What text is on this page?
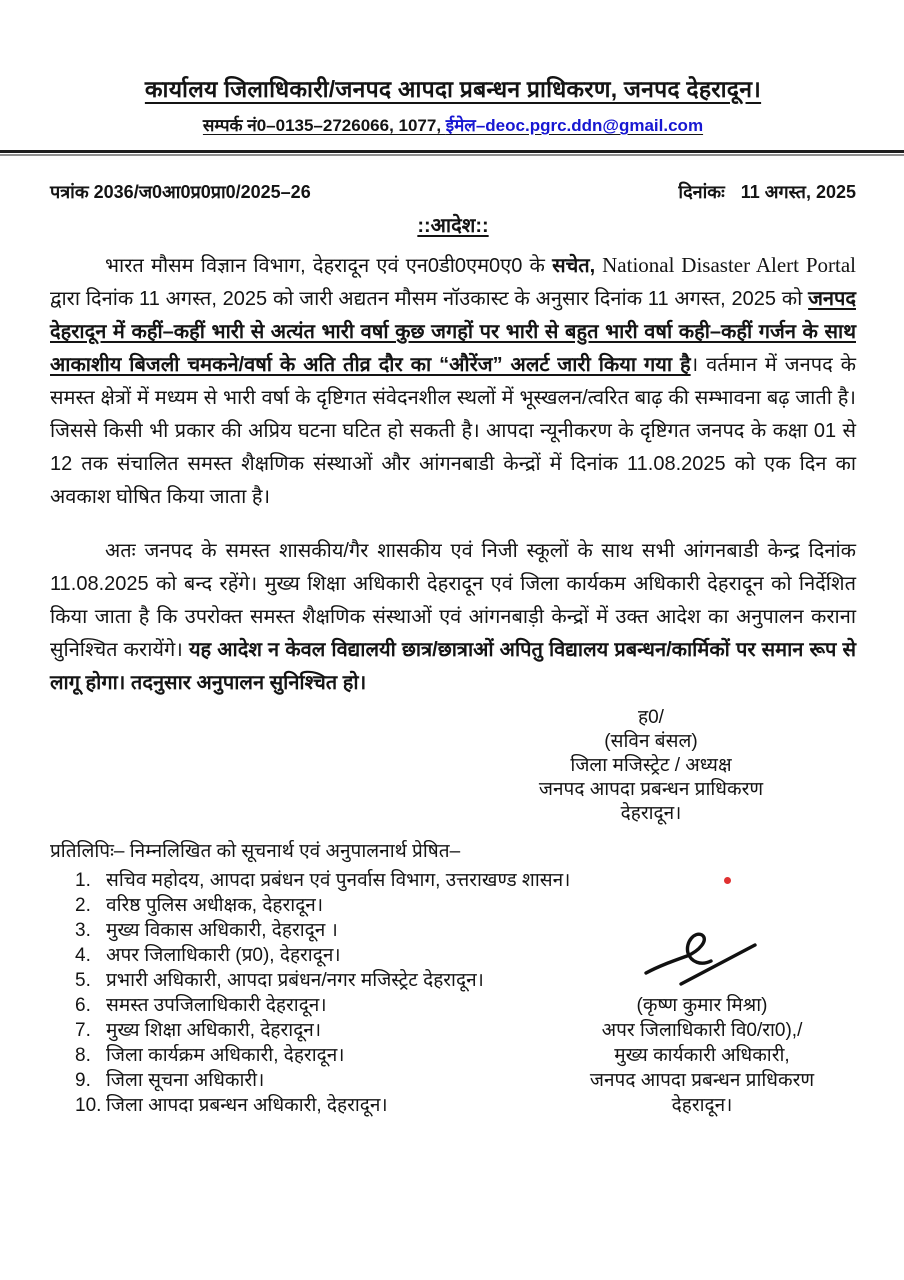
कार्यालय जिलाधिकारी/जनपद आपदा प्रबन्धन प्राधिकरण, जनपद देहरादून।
सम्पर्क नं0–0135–2726066, 1077, ईमेल–deoc.pgrc.ddn@gmail.com
पत्रांक 2036/ज0आ0प्र0प्रा0/2025–26	दिनांकः 11 अगस्त, 2025
::आदेश::

भारत मौसम विज्ञान विभाग, देहरादून एवं एन0डी0एम0ए0 के सचेत, National Disaster Alert Portal द्वारा दिनांक 11 अगस्त, 2025 को जारी अद्यतन मौसम नॉउकास्ट के अनुसार दिनांक 11 अगस्त, 2025 को जनपद देहरादून में कहीं–कहीं भारी से अत्यंत भारी वर्षा कुछ जगहों पर भारी से बहुत भारी वर्षा कही–कहीं गर्जन के साथ आकाशीय बिजली चमकने/वर्षा के अति तीव्र दौर का “औरेंज” अलर्ट जारी किया गया है। वर्तमान में जनपद के समस्त क्षेत्रों में मध्यम से भारी वर्षा के दृष्टिगत संवेदनशील स्थलों में भूस्खलन/त्वरित बाढ़ की सम्भावना बढ़ जाती है। जिससे किसी भी प्रकार की अप्रिय घटना घटित हो सकती है। आपदा न्यूनीकरण के दृष्टिगत जनपद के कक्षा 01 से 12 तक संचालित समस्त शैक्षणिक संस्थाओं और आंगनबाडी केन्द्रों में दिनांक 11.08.2025 को एक दिन का अवकाश घोषित किया जाता है।

अतः जनपद के समस्त शासकीय/गैर शासकीय एवं निजी स्कूलों के साथ सभी आंगनबाडी केन्द्र दिनांक 11.08.2025 को बन्द रहेंगे। मुख्य शिक्षा अधिकारी देहरादून एवं जिला कार्यकम अधिकारी देहरादून को निर्देशित किया जाता है कि उपरोक्त समस्त शैक्षणिक संस्थाओं एवं आंगनबाड़ी केन्द्रों में उक्त आदेश का अनुपालन कराना सुनिश्चित करायेंगे। यह आदेश न केवल विद्यालयी छात्र/छात्राओं अपितु विद्यालय प्रबन्धन/कार्मिकों पर समान रूप से लागू होगा। तदनुसार अनुपालन सुनिश्चित हो।

ह0/
(सविन बंसल)
जिला मजिस्ट्रेट / अध्यक्ष
जनपद आपदा प्रबन्धन प्राधिकरण
देहरादून।
प्रतिलिपिः– निम्नलिखित को सूचनार्थ एवं अनुपालनार्थ प्रेषित–
1. सचिव महोदय, आपदा प्रबंधन एवं पुनर्वास विभाग, उत्तराखण्ड शासन।
2. वरिष्ठ पुलिस अधीक्षक, देहरादून।
3. मुख्य विकास अधिकारी, देहरादून ।
4. अपर जिलाधिकारी (प्र0), देहरादून।
5. प्रभारी अधिकारी, आपदा प्रबंधन/नगर मजिस्ट्रेट देहरादून।
6. समस्त उपजिलाधिकारी देहरादून।
7. मुख्य शिक्षा अधिकारी, देहरादून।
8. जिला कार्यक्रम अधिकारी, देहरादून।
9. जिला सूचना अधिकारी।
10. जिला आपदा प्रबन्धन अधिकारी, देहरादून।
(कृष्ण कुमार मिश्रा)
अपर जिलाधिकारी वि0/रा0),/
मुख्य कार्यकारी अधिकारी,
जनपद आपदा प्रबन्धन प्राधिकरण
देहरादून।
